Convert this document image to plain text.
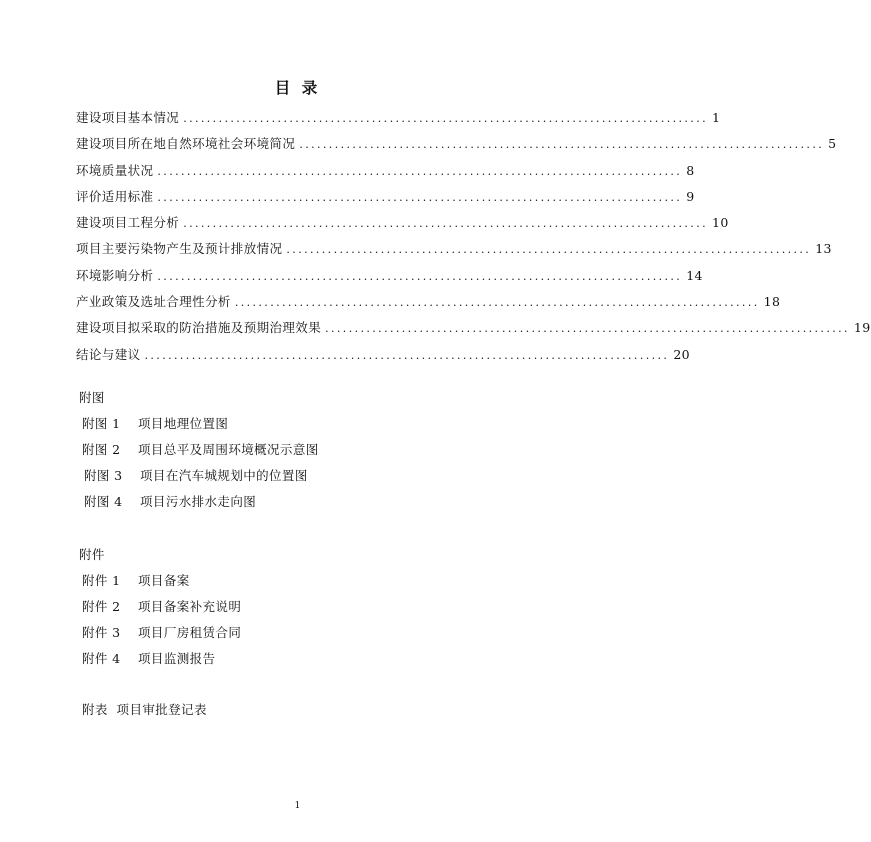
目 录
建设项目基本情况 ......................................................................................... 1
建设项目所在地自然环境社会环境简况 ......................................................................................... 5
环境质量状况 ......................................................................................... 8
评价适用标准 ......................................................................................... 9
建设项目工程分析 ......................................................................................... 10
项目主要污染物产生及预计排放情况 ......................................................................................... 13
环境影响分析 ......................................................................................... 14
产业政策及选址合理性分析 ......................................................................................... 18
建设项目拟采取的防治措施及预期治理效果 ......................................................................................... 19
结论与建议 ......................................................................................... 20
附图
附图 1    项目地理位置图
附图 2    项目总平及周围环境概况示意图
附图 3    项目在汽车城规划中的位置图
附图 4    项目污水排水走向图
附件
附件 1    项目备案
附件 2    项目备案补充说明
附件 3    项目厂房租赁合同
附件 4    项目监测报告
附表  项目审批登记表
1
